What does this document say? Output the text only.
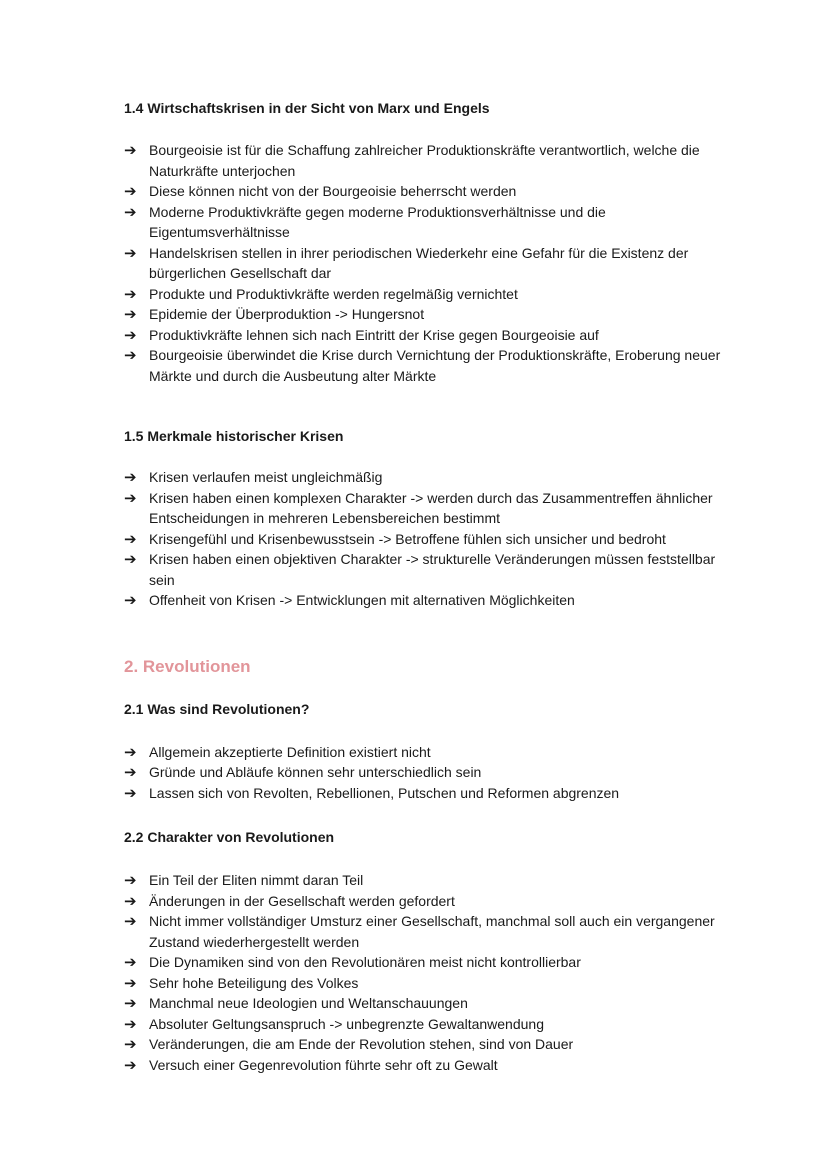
1.4 Wirtschaftskrisen in der Sicht von Marx und Engels
➔ Bourgeoisie ist für die Schaffung zahlreicher Produktionskräfte verantwortlich, welche die Naturkräfte unterjochen
➔ Diese können nicht von der Bourgeoisie beherrscht werden
➔ Moderne Produktivkräfte gegen moderne Produktionsverhältnisse und die Eigentumsverhältnisse
➔ Handelskrisen stellen in ihrer periodischen Wiederkehr eine Gefahr für die Existenz der bürgerlichen Gesellschaft dar
➔ Produkte und Produktivkräfte werden regelmäßig vernichtet
➔ Epidemie der Überproduktion -> Hungersnot
➔ Produktivkräfte lehnen sich nach Eintritt der Krise gegen Bourgeoisie auf
➔ Bourgeoisie überwindet die Krise durch Vernichtung der Produktionskräfte, Eroberung neuer Märkte und durch die Ausbeutung alter Märkte
1.5 Merkmale historischer Krisen
➔ Krisen verlaufen meist ungleichmäßig
➔ Krisen haben einen komplexen Charakter -> werden durch das Zusammentreffen ähnlicher Entscheidungen in mehreren Lebensbereichen bestimmt
➔ Krisengefühl und Krisenbewusstsein -> Betroffene fühlen sich unsicher und bedroht
➔ Krisen haben einen objektiven Charakter -> strukturelle Veränderungen müssen feststellbar sein
➔ Offenheit von Krisen -> Entwicklungen mit alternativen Möglichkeiten
2. Revolutionen
2.1 Was sind Revolutionen?
➔ Allgemein akzeptierte Definition existiert nicht
➔ Gründe und Abläufe können sehr unterschiedlich sein
➔ Lassen sich von Revolten, Rebellionen, Putschen und Reformen abgrenzen
2.2 Charakter von Revolutionen
➔ Ein Teil der Eliten nimmt daran Teil
➔ Änderungen in der Gesellschaft werden gefordert
➔ Nicht immer vollständiger Umsturz einer Gesellschaft, manchmal soll auch ein vergangener Zustand wiederhergestellt werden
➔ Die Dynamiken sind von den Revolutionären meist nicht kontrollierbar
➔ Sehr hohe Beteiligung des Volkes
➔ Manchmal neue Ideologien und Weltanschauungen
➔ Absoluter Geltungsanspruch -> unbegrenzte Gewaltanwendung
➔ Veränderungen, die am Ende der Revolution stehen, sind von Dauer
➔ Versuch einer Gegenrevolution führte sehr oft zu Gewalt
